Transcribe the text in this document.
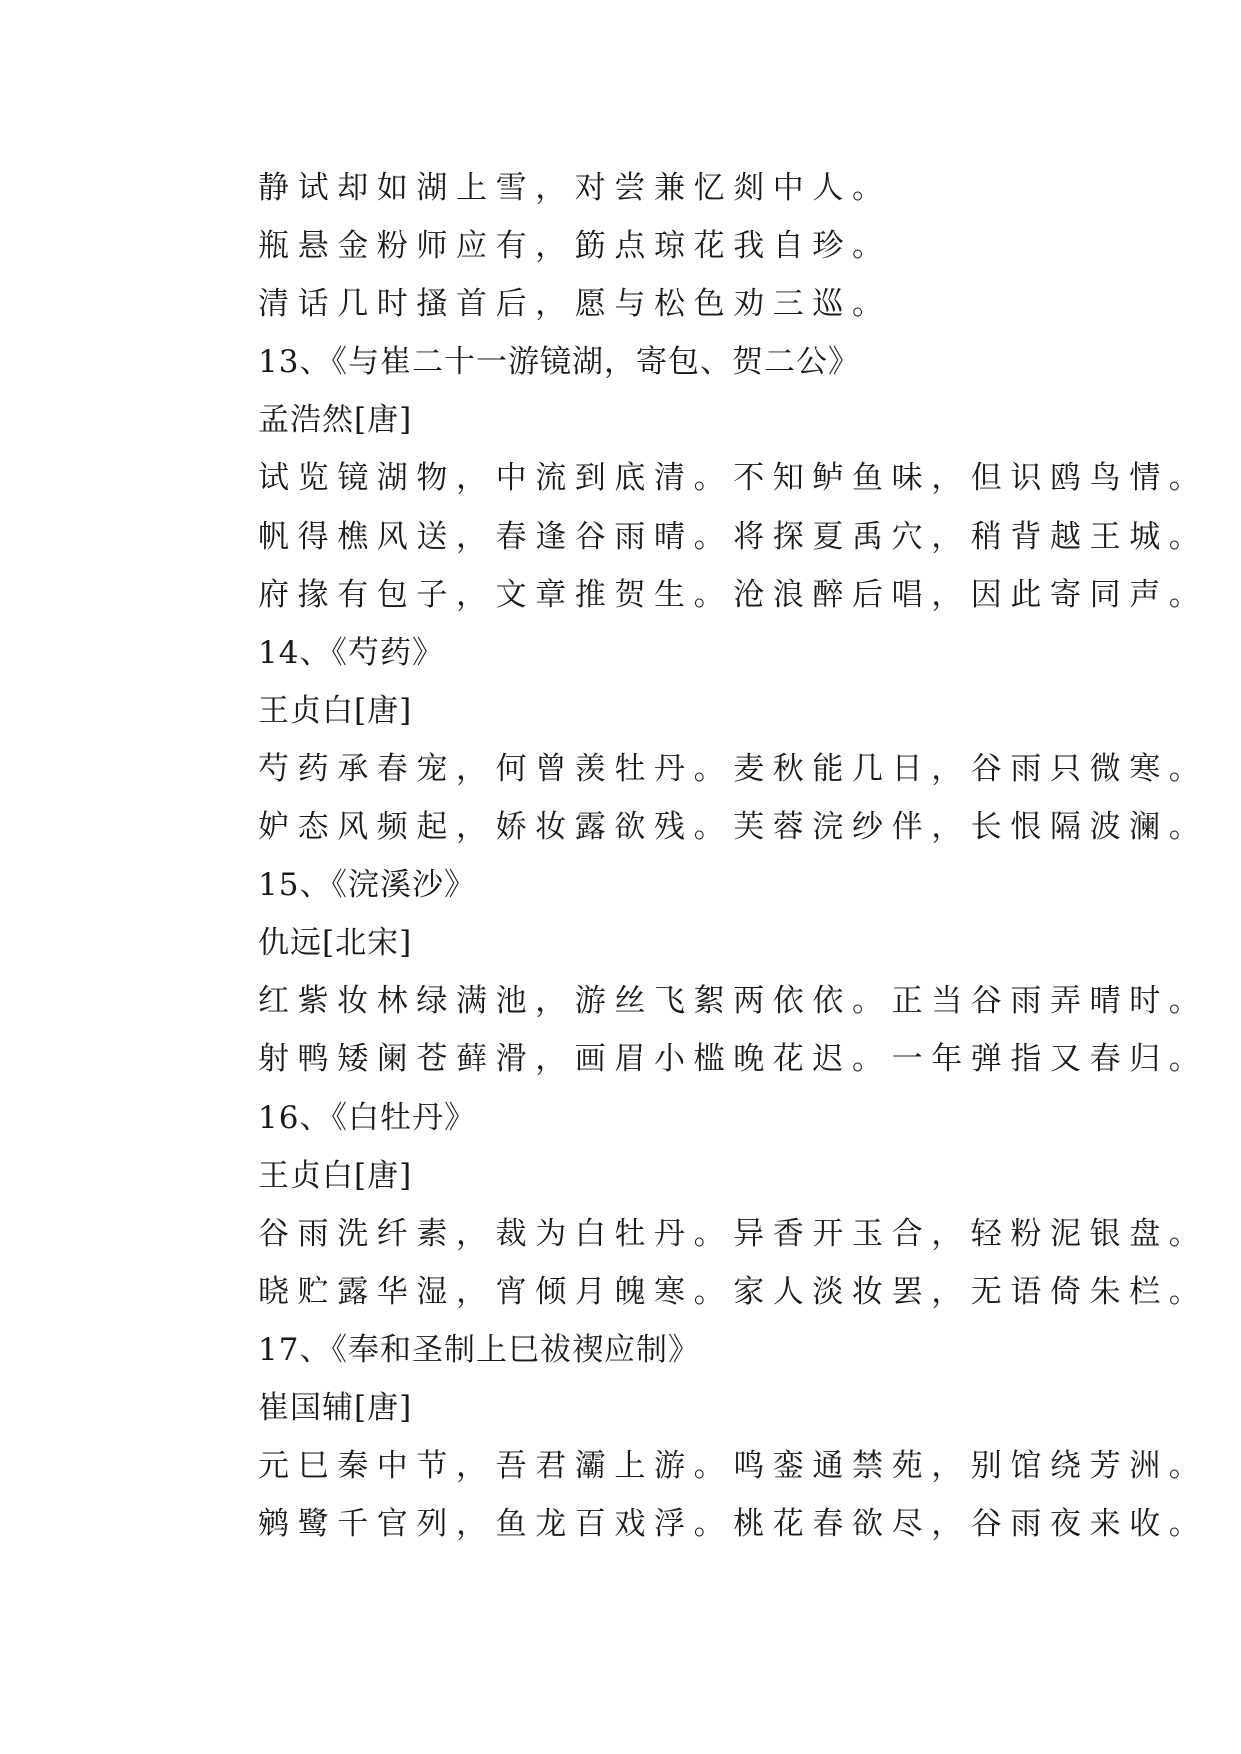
静试却如湖上雪，对尝兼忆剡中人。
瓶悬金粉师应有，筯点琼花我自珍。
清话几时搔首后，愿与松色劝三巡。
13、《与崔二十一游镜湖，寄包、贺二公》
孟浩然[唐]
试览镜湖物，中流到底清。不知鲈鱼味，但识鸥鸟情。
帆得樵风送，春逢谷雨晴。将探夏禹穴，稍背越王城。
府掾有包子，文章推贺生。沧浪醉后唱，因此寄同声。
14、《芍药》
王贞白[唐]
芍药承春宠，何曾羡牡丹。麦秋能几日，谷雨只微寒。
妒态风频起，娇妆露欲残。芙蓉浣纱伴，长恨隔波澜。
15、《浣溪沙》
仇远[北宋]
红紫妆林绿满池，游丝飞絮两依依。正当谷雨弄晴时。
射鸭矮阑苍藓滑，画眉小槛晚花迟。一年弹指又春归。
16、《白牡丹》
王贞白[唐]
谷雨洗纤素，裁为白牡丹。异香开玉合，轻粉泥银盘。
晓贮露华湿，宵倾月魄寒。家人淡妆罢，无语倚朱栏。
17、《奉和圣制上巳祓禊应制》
崔国辅[唐]
元巳秦中节，吾君灞上游。鸣銮通禁苑，别馆绕芳洲。
鹓鹭千官列，鱼龙百戏浮。桃花春欲尽，谷雨夜来收。
